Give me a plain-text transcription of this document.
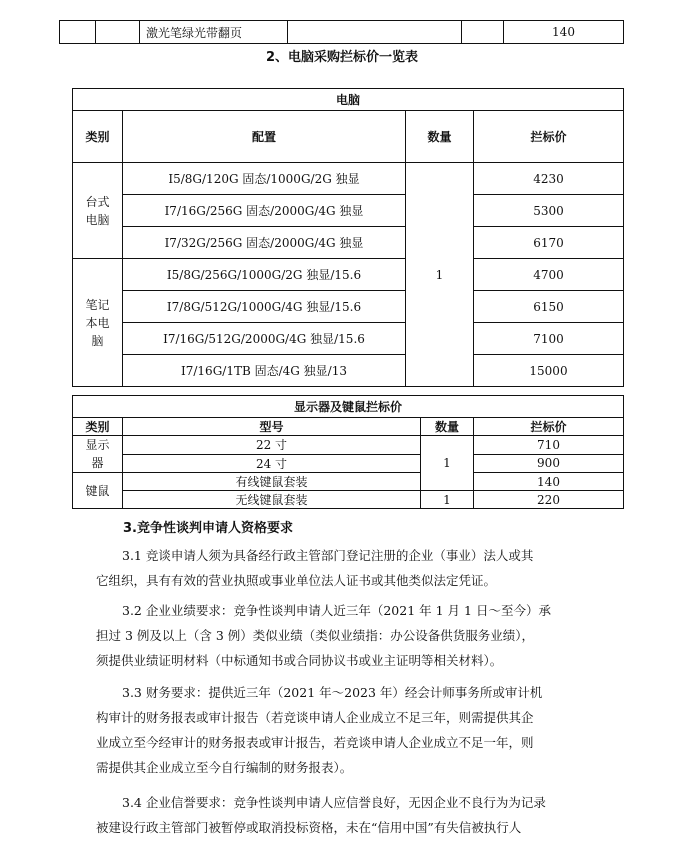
		激光笔绿光带翻页			140
2、电脑采购拦标价一览表
电脑			
类别	配置	数量	拦标价
台式电脑	I5/8G/120G 固态/1000G/2G 独显	1	4230
	I7/16G/256G 固态/2000G/4G 独显		5300
	I7/32G/256G 固态/2000G/4G 独显		6170
笔记本电脑	I5/8G/256G/1000G/2G 独显/15.6		4700
	I7/8G/512G/1000G/4G 独显/15.6		6150
	I7/16G/512G/2000G/4G 独显/15.6		7100
	I7/16G/1TB 固态/4G 独显/13		15000
显示器及键鼠拦标价			
类别	型号	数量	拦标价
显示器	22 寸	1	710
	24 寸		900
键鼠	有线键鼠套装		140
	无线键鼠套装	1	220
3.竞争性谈判申请人资格要求
3.1 竞谈申请人须为具备经行政主管部门登记注册的企业（事业）法人或其
它组织，具有有效的营业执照或事业单位法人证书或其他类似法定凭证。
3.2 企业业绩要求：竞争性谈判申请人近三年（2021 年 1 月 1 日～至今）承
担过 3 例及以上（含 3 例）类似业绩（类似业绩指：办公设备供货服务业绩），
须提供业绩证明材料（中标通知书或合同协议书或业主证明等相关材料）。
3.3 财务要求：提供近三年（2021 年～2023 年）经会计师事务所或审计机
构审计的财务报表或审计报告（若竞谈申请人企业成立不足三年，则需提供其企
业成立至今经审计的财务报表或审计报告，若竞谈申请人企业成立不足一年，则
需提供其企业成立至今自行编制的财务报表）。
3.4 企业信誉要求：竞争性谈判申请人应信誉良好，无因企业不良行为为记录
被建设行政主管部门被暂停或取消投标资格，未在“信用中国”有失信被执行人
